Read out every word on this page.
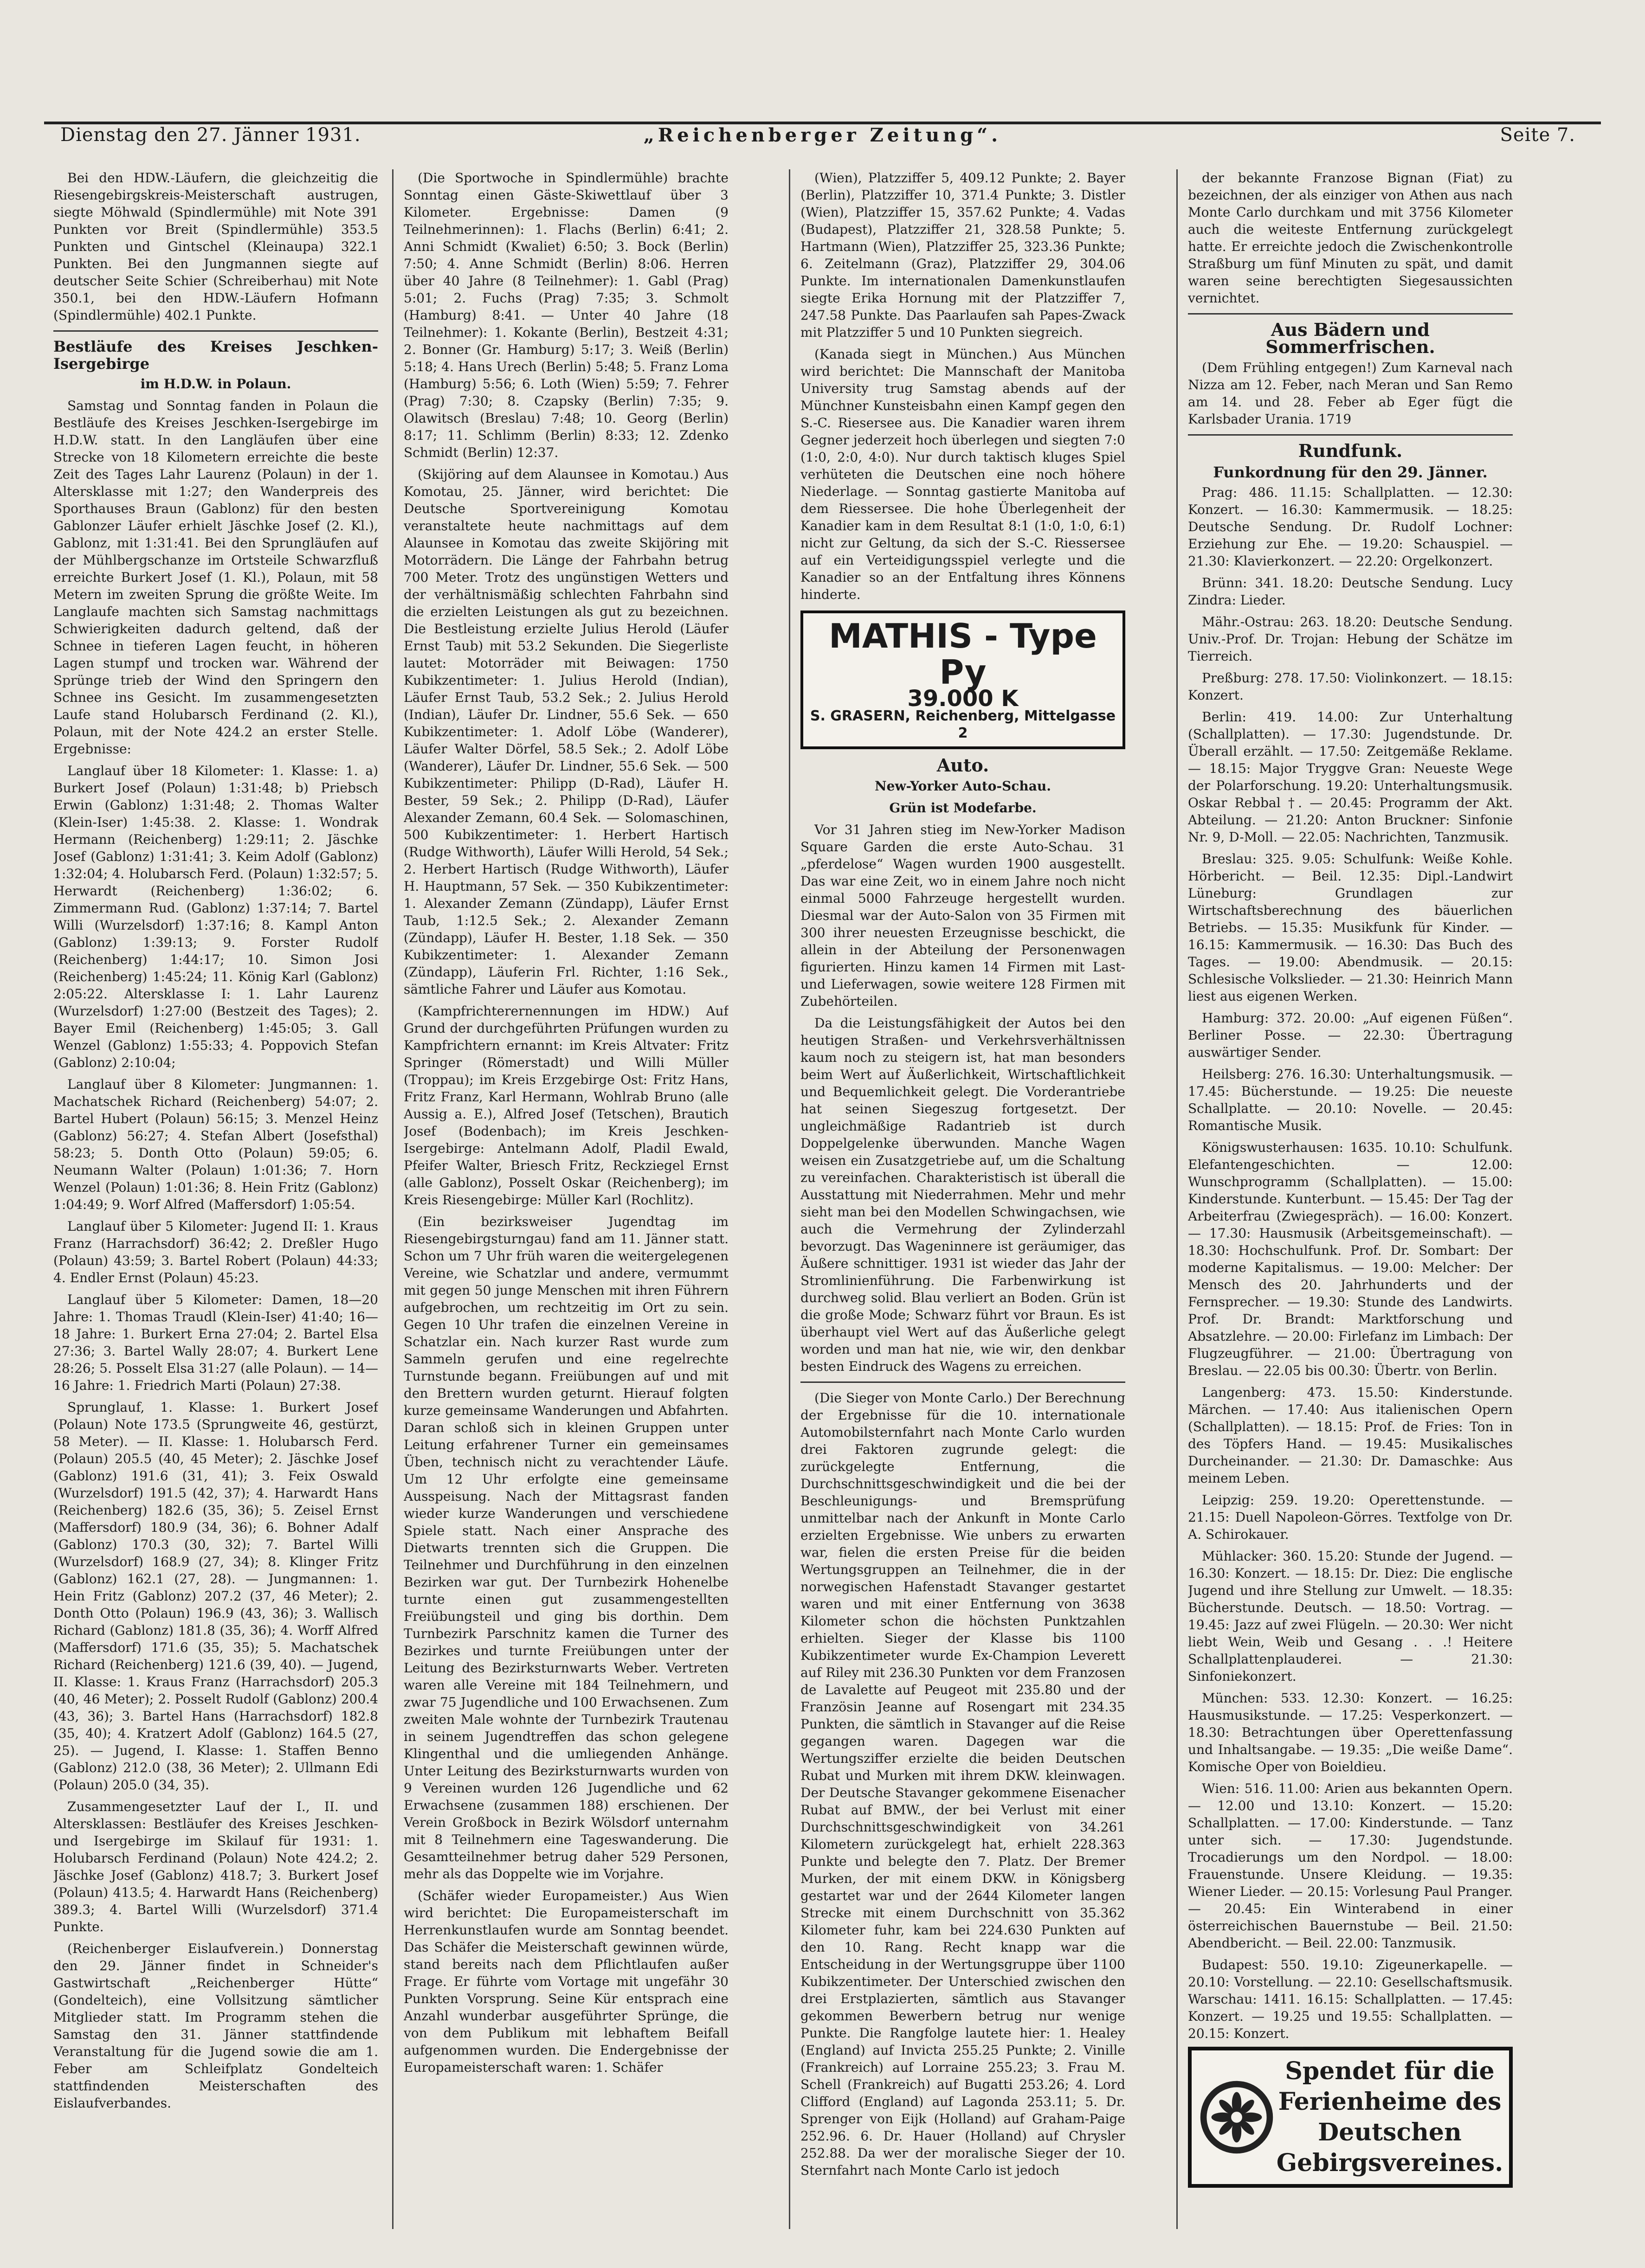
Dienstag den 27. Jänner 1931.	„Reichenberger Zeitung“.	Seite 7.

Bei den HDW.-Läufern, die gleichzeitig die Riesengebirgskreis-Meisterschaft austrugen, siegte Möhwald (Spindlermühle) mit Note 391 Punkten vor Breit (Spindlermühle) 353.5 Punkten und Gintschel (Kleinaupa) 322.1 Punkten. Bei den Jungmannen siegte auf deutscher Seite Schier (Schreiberhau) mit Note 350.1, bei den HDW.-Läufern Hofmann (Spindlermühle) 402.1 Punkte.

Bestläufe des Kreises Jeschken-Isergebirge
im H.D.W. in Polaun.

Samstag und Sonntag fanden in Polaun die Bestläufe des Kreises Jeschken-Isergebirge im H.D.W. statt. In den Langläufen über eine Strecke von 18 Kilometern erreichte die beste Zeit des Tages Lahr Laurenz (Polaun) in der 1. Altersklasse mit 1:27; den Wanderpreis des Sporthauses Braun (Gablonz) für den besten Gablonzer Läufer erhielt Jäschke Josef (2. Kl.), Gablonz, mit 1:31:41. Bei den Sprungläufen auf der Mühlbergschanze im Ortsteile Schwarzfluß erreichte Burkert Josef (1. Kl.), Polaun, mit 58 Metern im zweiten Sprung die größte Weite. Im Langlaufe machten sich Samstag nachmittags Schwierigkeiten dadurch geltend, daß der Schnee in tieferen Lagen feucht, in höheren Lagen stumpf und trocken war. Während der Sprünge trieb der Wind den Springern den Schnee ins Gesicht. Im zusammengesetzten Laufe stand Holubarsch Ferdinand (2. Kl.), Polaun, mit der Note 424.2 an erster Stelle. Ergebnisse:

Langlauf über 18 Kilometer: 1. Klasse: 1. a) Burkert Josef (Polaun) 1:31:48; b) Priebsch Erwin (Gablonz) 1:31:48; 2. Thomas Walter (Klein-Iser) 1:45:38. 2. Klasse: 1. Wondrak Hermann (Reichenberg) 1:29:11; 2. Jäschke Josef (Gablonz) 1:31:41; 3. Keim Adolf (Gablonz) 1:32:04; 4. Holubarsch Ferd. (Polaun) 1:32:57; 5. Herwardt (Reichenberg) 1:36:02; 6. Zimmermann Rud. (Gablonz) 1:37:14; 7. Bartel Willi (Wurzelsdorf) 1:37:16; 8. Kampl Anton (Gablonz) 1:39:13; 9. Forster Rudolf (Reichenberg) 1:44:17; 10. Simon Josi (Reichenberg) 1:45:24; 11. König Karl (Gablonz) 2:05:22. Altersklasse I: 1. Lahr Laurenz (Wurzelsdorf) 1:27:00 (Bestzeit des Tages); 2. Bayer Emil (Reichenberg) 1:45:05; 3. Gall Wenzel (Gablonz) 1:55:33; 4. Poppovich Stefan (Gablonz) 2:10:04;

Langlauf über 8 Kilometer: Jungmannen: 1. Machatschek Richard (Reichenberg) 54:07; 2. Bartel Hubert (Polaun) 56:15; 3. Menzel Heinz (Gablonz) 56:27; 4. Stefan Albert (Josefsthal) 58:23; 5. Donth Otto (Polaun) 59:05; 6. Neumann Walter (Polaun) 1:01:36; 7. Horn Wenzel (Polaun) 1:01:36; 8. Hein Fritz (Gablonz) 1:04:49; 9. Worf Alfred (Maffersdorf) 1:05:54.

Langlauf über 5 Kilometer: Jugend II: 1. Kraus Franz (Harrachsdorf) 36:42; 2. Dreßler Hugo (Polaun) 43:59; 3. Bartel Robert (Polaun) 44:33; 4. Endler Ernst (Polaun) 45:23.

Langlauf über 5 Kilometer: Damen, 18—20 Jahre: 1. Thomas Traudl (Klein-Iser) 41:40; 16—18 Jahre: 1. Burkert Erna 27:04; 2. Bartel Elsa 27:36; 3. Bartel Wally 28:07; 4. Burkert Lene 28:26; 5. Posselt Elsa 31:27 (alle Polaun). — 14—16 Jahre: 1. Friedrich Marti (Polaun) 27:38.

Sprunglauf, 1. Klasse: 1. Burkert Josef (Polaun) Note 173.5 (Sprungweite 46, gestürzt, 58 Meter). — II. Klasse: 1. Holubarsch Ferd. (Polaun) 205.5 (40, 45 Meter); 2. Jäschke Josef (Gablonz) 191.6 (31, 41); 3. Feix Oswald (Wurzelsdorf) 191.5 (42, 37); 4. Harwardt Hans (Reichenberg) 182.6 (35, 36); 5. Zeisel Ernst (Maffersdorf) 180.9 (34, 36); 6. Bohner Adalf (Gablonz) 170.3 (30, 32); 7. Bartel Willi (Wurzelsdorf) 168.9 (27, 34); 8. Klinger Fritz (Gablonz) 162.1 (27, 28). — Jungmannen: 1. Hein Fritz (Gablonz) 207.2 (37, 46 Meter); 2. Donth Otto (Polaun) 196.9 (43, 36); 3. Wallisch Richard (Gablonz) 181.8 (35, 36); 4. Worff Alfred (Maffersdorf) 171.6 (35, 35); 5. Machatschek Richard (Reichenberg) 121.6 (39, 40). — Jugend, II. Klasse: 1. Kraus Franz (Harrachsdorf) 205.3 (40, 46 Meter); 2. Posselt Rudolf (Gablonz) 200.4 (43, 36); 3. Bartel Hans (Harrachsdorf) 182.8 (35, 40); 4. Kratzert Adolf (Gablonz) 164.5 (27, 25). — Jugend, I. Klasse: 1. Staffen Benno (Gablonz) 212.0 (38, 36 Meter); 2. Ullmann Edi (Polaun) 205.0 (34, 35).

Zusammengesetzter Lauf der I., II. und Altersklassen: Bestläufer des Kreises Jeschken- und Isergebirge im Skilauf für 1931: 1. Holubarsch Ferdinand (Polaun) Note 424.2; 2. Jäschke Josef (Gablonz) 418.7; 3. Burkert Josef (Polaun) 413.5; 4. Harwardt Hans (Reichenberg) 389.3; 4. Bartel Willi (Wurzelsdorf) 371.4 Punkte.

(Reichenberger Eislaufverein.) Donnerstag den 29. Jänner findet in Schneider's Gastwirtschaft „Reichenberger Hütte“ (Gondelteich), eine Vollsitzung sämtlicher Mitglieder statt. Im Programm stehen die Samstag den 31. Jänner stattfindende Veranstaltung für die Jugend sowie die am 1. Feber am Schleifplatz Gondelteich stattfindenden Meisterschaften des Eislaufverbandes.

(Die Sportwoche in Spindlermühle) brachte Sonntag einen Gäste-Skiwettlauf über 3 Kilometer. Ergebnisse: Damen (9 Teilnehmerinnen): 1. Flachs (Berlin) 6:41; 2. Anni Schmidt (Kwaliet) 6:50; 3. Bock (Berlin) 7:50; 4. Anne Schmidt (Berlin) 8:06. Herren über 40 Jahre (8 Teilnehmer): 1. Gabl (Prag) 5:01; 2. Fuchs (Prag) 7:35; 3. Schmolt (Hamburg) 8:41. — Unter 40 Jahre (18 Teilnehmer): 1. Kokante (Berlin), Bestzeit 4:31; 2. Bonner (Gr. Hamburg) 5:17; 3. Weiß (Berlin) 5:18; 4. Hans Urech (Berlin) 5:48; 5. Franz Loma (Hamburg) 5:56; 6. Loth (Wien) 5:59; 7. Fehrer (Prag) 7:30; 8. Czapsky (Berlin) 7:35; 9. Olawitsch (Breslau) 7:48; 10. Georg (Berlin) 8:17; 11. Schlimm (Berlin) 8:33; 12. Zdenko Schmidt (Berlin) 12:37.

(Skijöring auf dem Alaunsee in Komotau.) Aus Komotau, 25. Jänner, wird berichtet: Die Deutsche Sportvereinigung Komotau veranstaltete heute nachmittags auf dem Alaunsee in Komotau das zweite Skijöring mit Motorrädern. Die Länge der Fahrbahn betrug 700 Meter. Trotz des ungünstigen Wetters und der verhältnismäßig schlechten Fahrbahn sind die erzielten Leistungen als gut zu bezeichnen. Die Bestleistung erzielte Julius Herold (Läufer Ernst Taub) mit 53.2 Sekunden. Die Siegerliste lautet: Motorräder mit Beiwagen: 1750 Kubikzentimeter: 1. Julius Herold (Indian), Läufer Ernst Taub, 53.2 Sek.; 2. Julius Herold (Indian), Läufer Dr. Lindner, 55.6 Sek. — 650 Kubikzentimeter: 1. Adolf Löbe (Wanderer), Läufer Walter Dörfel, 58.5 Sek.; 2. Adolf Löbe (Wanderer), Läufer Dr. Lindner, 55.6 Sek. — 500 Kubikzentimeter: Philipp (D-Rad), Läufer H. Bester, 59 Sek.; 2. Philipp (D-Rad), Läufer Alexander Zemann, 60.4 Sek. — Solomaschinen, 500 Kubikzentimeter: 1. Herbert Hartisch (Rudge Withworth), Läufer Willi Herold, 54 Sek.; 2. Herbert Hartisch (Rudge Withworth), Läufer H. Hauptmann, 57 Sek. — 350 Kubikzentimeter: 1. Alexander Zemann (Zündapp), Läufer Ernst Taub, 1:12.5 Sek.; 2. Alexander Zemann (Zündapp), Läufer H. Bester, 1.18 Sek. — 350 Kubikzentimeter: 1. Alexander Zemann (Zündapp), Läuferin Frl. Richter, 1:16 Sek., sämtliche Fahrer und Läufer aus Komotau.

(Kampfrichterernennungen im HDW.) Auf Grund der durchgeführten Prüfungen wurden zu Kampfrichtern ernannt: im Kreis Altvater: Fritz Springer (Römerstadt) und Willi Müller (Troppau); im Kreis Erzgebirge Ost: Fritz Hans, Fritz Franz, Karl Hermann, Wohlrab Bruno (alle Aussig a. E.), Alfred Josef (Tetschen), Brautich Josef (Bodenbach); im Kreis Jeschken-Isergebirge: Antelmann Adolf, Pladil Ewald, Pfeifer Walter, Briesch Fritz, Reckziegel Ernst (alle Gablonz), Posselt Oskar (Reichenberg); im Kreis Riesengebirge: Müller Karl (Rochlitz).

(Ein bezirksweiser Jugendtag im Riesengebirgsturngau) fand am 11. Jänner statt. Schon um 7 Uhr früh waren die weitergelegenen Vereine, wie Schatzlar und andere, vermummt mit gegen 50 junge Menschen mit ihren Führern aufgebrochen, um rechtzeitig im Ort zu sein. Gegen 10 Uhr trafen die einzelnen Vereine in Schatzlar ein. Nach kurzer Rast wurde zum Sammeln gerufen und eine regelrechte Turnstunde begann. Freiübungen auf und mit den Brettern wurden geturnt. Hierauf folgten kurze gemeinsame Wanderungen und Abfahrten. Daran schloß sich in kleinen Gruppen unter Leitung erfahrener Turner ein gemeinsames Üben, technisch nicht zu verachtender Läufe. Um 12 Uhr erfolgte eine gemeinsame Ausspeisung. Nach der Mittagsrast fanden wieder kurze Wanderungen und verschiedene Spiele statt. Nach einer Ansprache des Dietwarts trennten sich die Gruppen. Die Teilnehmer und Durchführung in den einzelnen Bezirken war gut. Der Turnbezirk Hohenelbe turnte einen gut zusammengestellten Freiübungsteil und ging bis dorthin. Dem Turnbezirk Parschnitz kamen die Turner des Bezirkes und turnte Freiübungen unter der Leitung des Bezirksturnwarts Weber. Vertreten waren alle Vereine mit 184 Teilnehmern, und zwar 75 Jugendliche und 100 Erwachsenen. Zum zweiten Male wohnte der Turnbezirk Trautenau in seinem Jugendtreffen das schon gelegene Klingenthal und die umliegenden Anhänge. Unter Leitung des Bezirksturnwarts wurden von 9 Vereinen wurden 126 Jugendliche und 62 Erwachsene (zusammen 188) erschienen. Der Verein Großbock in Bezirk Wölsdorf unternahm mit 8 Teilnehmern eine Tageswanderung. Die Gesamtteilnehmer betrug daher 529 Personen, mehr als das Doppelte wie im Vorjahre.

(Schäfer wieder Europameister.) Aus Wien wird berichtet: Die Europameisterschaft im Herrenkunstlaufen wurde am Sonntag beendet. Das Schäfer die Meisterschaft gewinnen würde, stand bereits nach dem Pflichtlaufen außer Frage. Er führte vom Vortage mit ungefähr 30 Punkten Vorsprung. Seine Kür entsprach eine Anzahl wunderbar ausgeführter Sprünge, die von dem Publikum mit lebhaftem Beifall aufgenommen wurden. Die Endergebnisse der Europameisterschaft waren: 1. Schäfer

(Wien), Platzziffer 5, 409.12 Punkte; 2. Bayer (Berlin), Platzziffer 10, 371.4 Punkte; 3. Distler (Wien), Platzziffer 15, 357.62 Punkte; 4. Vadas (Budapest), Platzziffer 21, 328.58 Punkte; 5. Hartmann (Wien), Platzziffer 25, 323.36 Punkte; 6. Zeitelmann (Graz), Platzziffer 29, 304.06 Punkte. Im internationalen Damenkunstlaufen siegte Erika Hornung mit der Platzziffer 7, 247.58 Punkte. Das Paarlaufen sah Papes-Zwack mit Platzziffer 5 und 10 Punkten siegreich.

(Kanada siegt in München.) Aus München wird berichtet: Die Mannschaft der Manitoba University trug Samstag abends auf der Münchner Kunsteisbahn einen Kampf gegen den S.-C. Riesersee aus. Die Kanadier waren ihrem Gegner jederzeit hoch überlegen und siegten 7:0 (1:0, 2:0, 4:0). Nur durch taktisch kluges Spiel verhüteten die Deutschen eine noch höhere Niederlage. — Sonntag gastierte Manitoba auf dem Riessersee. Die hohe Überlegenheit der Kanadier kam in dem Resultat 8:1 (1:0, 1:0, 6:1) nicht zur Geltung, da sich der S.-C. Riessersee auf ein Verteidigungsspiel verlegte und die Kanadier so an der Entfaltung ihres Könnens hinderte.

MATHIS - Type Py
39.000 K
S. GRASERN, Reichenberg, Mittelgasse 2
Auto.
New-Yorker Auto-Schau.
Grün ist Modefarbe.

Vor 31 Jahren stieg im New-Yorker Madison Square Garden die erste Auto-Schau. 31 „pferdelose“ Wagen wurden 1900 ausgestellt. Das war eine Zeit, wo in einem Jahre noch nicht einmal 5000 Fahrzeuge hergestellt wurden. Diesmal war der Auto-Salon von 35 Firmen mit 300 ihrer neuesten Erzeugnisse beschickt, die allein in der Abteilung der Personenwagen figurierten. Hinzu kamen 14 Firmen mit Last- und Lieferwagen, sowie weitere 128 Firmen mit Zubehörteilen.

Da die Leistungsfähigkeit der Autos bei den heutigen Straßen- und Verkehrsverhältnissen kaum noch zu steigern ist, hat man besonders beim Wert auf Äußerlichkeit, Wirtschaftlichkeit und Bequemlichkeit gelegt. Die Vorderantriebe hat seinen Siegeszug fortgesetzt. Der ungleichmäßige Radantrieb ist durch Doppelgelenke überwunden. Manche Wagen weisen ein Zusatzgetriebe auf, um die Schaltung zu vereinfachen. Charakteristisch ist überall die Ausstattung mit Niederrahmen. Mehr und mehr sieht man bei den Modellen Schwingachsen, wie auch die Vermehrung der Zylinderzahl bevorzugt. Das Wageninnere ist geräumiger, das Äußere schnittiger. 1931 ist wieder das Jahr der Stromlinienführung. Die Farbenwirkung ist durchweg solid. Blau verliert an Boden. Grün ist die große Mode; Schwarz führt vor Braun. Es ist überhaupt viel Wert auf das Äußerliche gelegt worden und man hat nie, wie wir, den denkbar besten Eindruck des Wagens zu erreichen.

(Die Sieger von Monte Carlo.) Der Berechnung der Ergebnisse für die 10. internationale Automobilsternfahrt nach Monte Carlo wurden drei Faktoren zugrunde gelegt: die zurückgelegte Entfernung, die Durchschnittsgeschwindigkeit und die bei der Beschleunigungs- und Bremsprüfung unmittelbar nach der Ankunft in Monte Carlo erzielten Ergebnisse. Wie unbers zu erwarten war, fielen die ersten Preise für die beiden Wertungsgruppen an Teilnehmer, die in der norwegischen Hafenstadt Stavanger gestartet waren und mit einer Entfernung von 3638 Kilometer schon die höchsten Punktzahlen erhielten. Sieger der Klasse bis 1100 Kubikzentimeter wurde Ex-Champion Leverett auf Riley mit 236.30 Punkten vor dem Franzosen de Lavalette auf Peugeot mit 235.80 und der Französin Jeanne auf Rosengart mit 234.35 Punkten, die sämtlich in Stavanger auf die Reise gegangen waren. Dagegen war die Wertungsziffer erzielte die beiden Deutschen Rubat und Murken mit ihrem DKW. kleinwagen. Der Deutsche Stavanger gekommene Eisenacher Rubat auf BMW., der bei Verlust mit einer Durchschnittsgeschwindigkeit von 34.261 Kilometern zurückgelegt hat, erhielt 228.363 Punkte und belegte den 7. Platz. Der Bremer Murken, der mit einem DKW. in Königsberg gestartet war und der 2644 Kilometer langen Strecke mit einem Durchschnitt von 35.362 Kilometer fuhr, kam bei 224.630 Punkten auf den 10. Rang. Recht knapp war die Entscheidung in der Wertungsgruppe über 1100 Kubikzentimeter. Der Unterschied zwischen den drei Erstplazierten, sämtlich aus Stavanger gekommen Bewerbern betrug nur wenige Punkte. Die Rangfolge lautete hier: 1. Healey (England) auf Invicta 255.25 Punkte; 2. Vinille (Frankreich) auf Lorraine 255.23; 3. Frau M. Schell (Frankreich) auf Bugatti 253.26; 4. Lord Clifford (England) auf Lagonda 253.11; 5. Dr. Sprenger von Eijk (Holland) auf Graham-Paige 252.96. 6. Dr. Hauer (Holland) auf Chrysler 252.88. Da wer der moralische Sieger der 10. Sternfahrt nach Monte Carlo ist jedoch

der bekannte Franzose Bignan (Fiat) zu bezeichnen, der als einziger von Athen aus nach Monte Carlo durchkam und mit 3756 Kilometer auch die weiteste Entfernung zurückgelegt hatte. Er erreichte jedoch die Zwischenkontrolle Straßburg um fünf Minuten zu spät, und damit waren seine berechtigten Siegesaussichten vernichtet.

Aus Bädern und Sommerfrischen.

(Dem Frühling entgegen!) Zum Karneval nach Nizza am 12. Feber, nach Meran und San Remo am 14. und 28. Feber ab Eger fügt die Karlsbader Urania. 1719

Rundfunk.
Funkordnung für den 29. Jänner.

Prag: 486. 11.15: Schallplatten. — 12.30: Konzert. — 16.30: Kammermusik. — 18.25: Deutsche Sendung. Dr. Rudolf Lochner: Erziehung zur Ehe. — 19.20: Schauspiel. — 21.30: Klavierkonzert. — 22.20: Orgelkonzert.

Brünn: 341. 18.20: Deutsche Sendung. Lucy Zindra: Lieder.

Mähr.-Ostrau: 263. 18.20: Deutsche Sendung. Univ.-Prof. Dr. Trojan: Hebung der Schätze im Tierreich.

Preßburg: 278. 17.50: Violinkonzert. — 18.15: Konzert.

Berlin: 419. 14.00: Zur Unterhaltung (Schallplatten). — 17.30: Jugendstunde. Dr. Überall erzählt. — 17.50: Zeitgemäße Reklame. — 18.15: Major Tryggve Gran: Neueste Wege der Polarforschung. 19.20: Unterhaltungsmusik. Oskar Rebbal †. — 20.45: Programm der Akt. Abteilung. — 21.20: Anton Bruckner: Sinfonie Nr. 9, D-Moll. — 22.05: Nachrichten, Tanzmusik.

Breslau: 325. 9.05: Schulfunk: Weiße Kohle. Hörbericht. — Beil. 12.35: Dipl.-Landwirt Lüneburg: Grundlagen zur Wirtschaftsberechnung des bäuerlichen Betriebs. — 15.35: Musikfunk für Kinder. — 16.15: Kammermusik. — 16.30: Das Buch des Tages. — 19.00: Abendmusik. — 20.15: Schlesische Volkslieder. — 21.30: Heinrich Mann liest aus eigenen Werken.

Hamburg: 372. 20.00: „Auf eigenen Füßen“. Berliner Posse. — 22.30: Übertragung auswärtiger Sender.

Heilsberg: 276. 16.30: Unterhaltungsmusik. — 17.45: Bücherstunde. — 19.25: Die neueste Schallplatte. — 20.10: Novelle. — 20.45: Romantische Musik.

Königswusterhausen: 1635. 10.10: Schulfunk. Elefantengeschichten. — 12.00: Wunschprogramm (Schallplatten). — 15.00: Kinderstunde. Kunterbunt. — 15.45: Der Tag der Arbeiterfrau (Zwiegespräch). — 16.00: Konzert. — 17.30: Hausmusik (Arbeitsgemeinschaft). — 18.30: Hochschulfunk. Prof. Dr. Sombart: Der moderne Kapitalismus. — 19.00: Melcher: Der Mensch des 20. Jahrhunderts und der Fernsprecher. — 19.30: Stunde des Landwirts. Prof. Dr. Brandt: Marktforschung und Absatzlehre. — 20.00: Firlefanz im Limbach: Der Flugzeugführer. — 21.00: Übertragung von Breslau. — 22.05 bis 00.30: Übertr. von Berlin.

Langenberg: 473. 15.50: Kinderstunde. Märchen. — 17.40: Aus italienischen Opern (Schallplatten). — 18.15: Prof. de Fries: Ton in des Töpfers Hand. — 19.45: Musikalisches Durcheinander. — 21.30: Dr. Damaschke: Aus meinem Leben.

Leipzig: 259. 19.20: Operettenstunde. — 21.15: Duell Napoleon-Görres. Textfolge von Dr. A. Schirokauer.

Mühlacker: 360. 15.20: Stunde der Jugend. — 16.30: Konzert. — 18.15: Dr. Diez: Die englische Jugend und ihre Stellung zur Umwelt. — 18.35: Bücherstunde. Deutsch. — 18.50: Vortrag. — 19.45: Jazz auf zwei Flügeln. — 20.30: Wer nicht liebt Wein, Weib und Gesang . . .! Heitere Schallplattenplauderei. — 21.30: Sinfoniekonzert.

München: 533. 12.30: Konzert. — 16.25: Hausmusikstunde. — 17.25: Vesperkonzert. — 18.30: Betrachtungen über Operettenfassung und Inhaltsangabe. — 19.35: „Die weiße Dame“. Komische Oper von Boieldieu.

Wien: 516. 11.00: Arien aus bekannten Opern. — 12.00 und 13.10: Konzert. — 15.20: Schallplatten. — 17.00: Kinderstunde. — Tanz unter sich. — 17.30: Jugendstunde. Trocadierungs um den Nordpol. — 18.00: Frauenstunde. Unsere Kleidung. — 19.35: Wiener Lieder. — 20.15: Vorlesung Paul Pranger. — 20.45: Ein Winterabend in einer österreichischen Bauernstube — Beil. 21.50: Abendbericht. — Beil. 22.00: Tanzmusik.

Budapest: 550. 19.10: Zigeunerkapelle. — 20.10: Vorstellung. — 22.10: Gesellschaftsmusik. Warschau: 1411. 16.15: Schallplatten. — 17.45: Konzert. — 19.25 und 19.55: Schallplatten. — 20.15: Konzert.

Spendet für die Ferienheime des Deutschen Gebirgsvereines.
